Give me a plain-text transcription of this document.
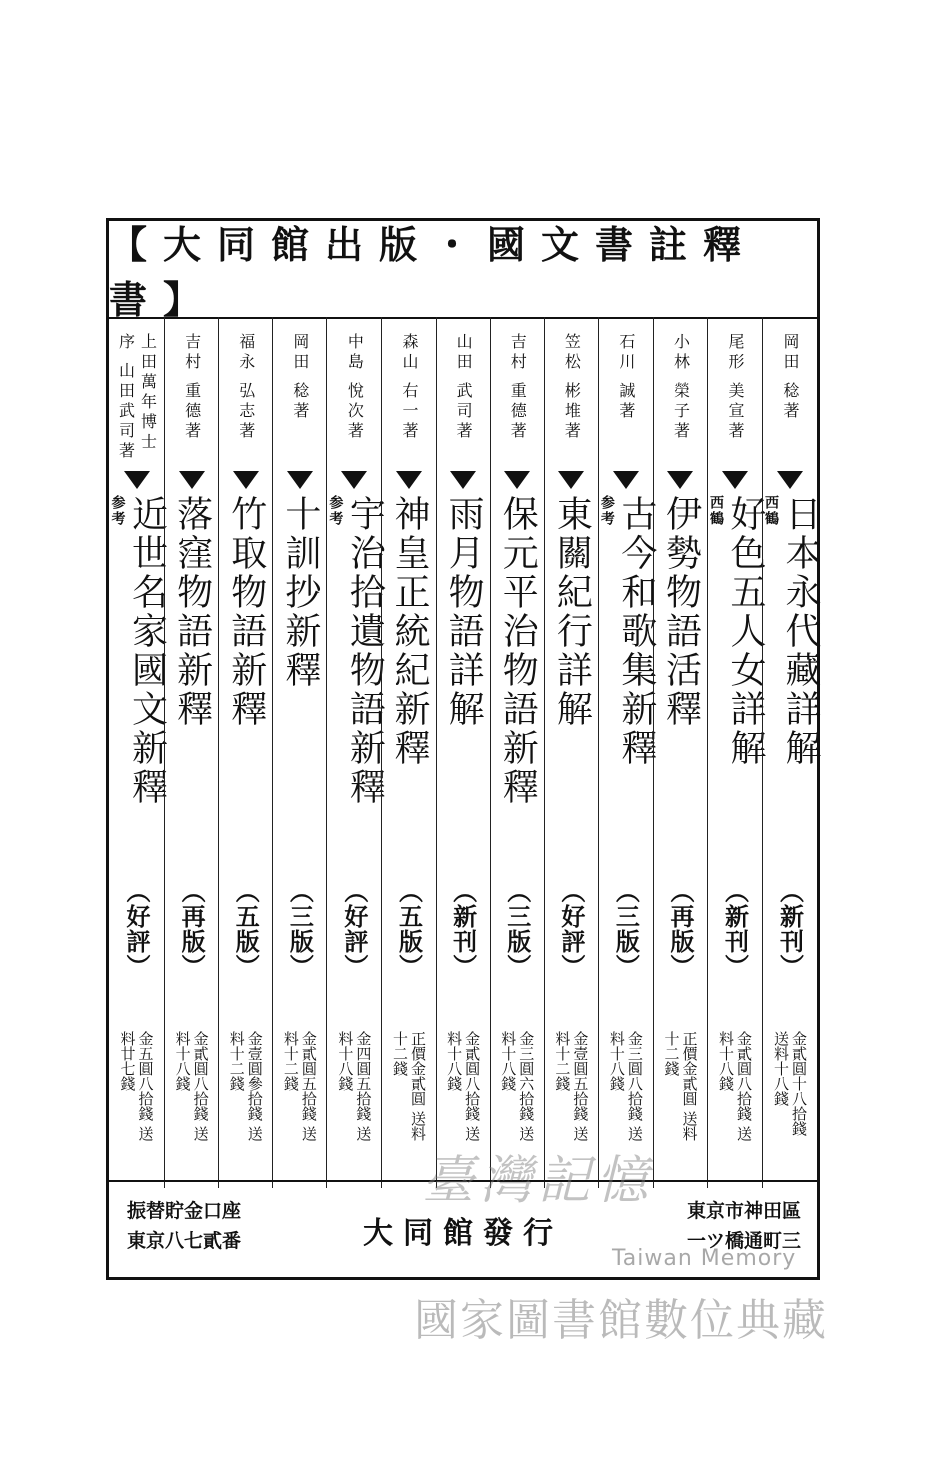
【大同館出版・國文書註釋書】
岡田 稔著
日本永代藏詳解
西鶴
（新刊）
金貳圓十八拾錢 送料十八錢
尾形 美宣著
好色五人女詳解
西鶴
（新刊）
金貳圓八拾錢 送料十八錢
小林 榮子著
伊勢物語活釋
（再版）
正價金貳圓 送料十二錢
石川 誠著
古今和歌集新釋
参考
（三版）
金三圓八拾錢 送料十八錢
笠松 彬堆著
東關紀行詳解
（好評）
金壹圓五拾錢 送料十二錢
吉村 重德著
保元平治物語新釋
（三版）
金三圓六拾錢 送料十八錢
山田 武司著
雨月物語詳解
（新刊）
金貳圓八拾錢 送料十八錢
森山 右一著
神皇正統紀新釋
（五版）
正價金貳圓 送料十二錢
中島 悅次著
宇治拾遺物語新釋
参考
（好評）
金四圓五拾錢 送料十八錢
岡田 稔著
十訓抄新釋
（三版）
金貳圓五拾錢 送料十二錢
福永 弘志著
竹取物語新釋
（五版）
金壹圓參拾錢 送料十二錢
吉村 重德著
落窪物語新釋
（再版）
金貳圓八拾錢 送料十八錢
上田萬年博士序 山田武司著
近世名家國文新釋
参考
（好評）
金五圓八拾錢 送料廿七錢
東京市神田區
一ツ橋通町三
大同館發行
振替貯金口座
東京八七貳番
臺灣記憶
Taiwan Memory
國家圖書館數位典藏
